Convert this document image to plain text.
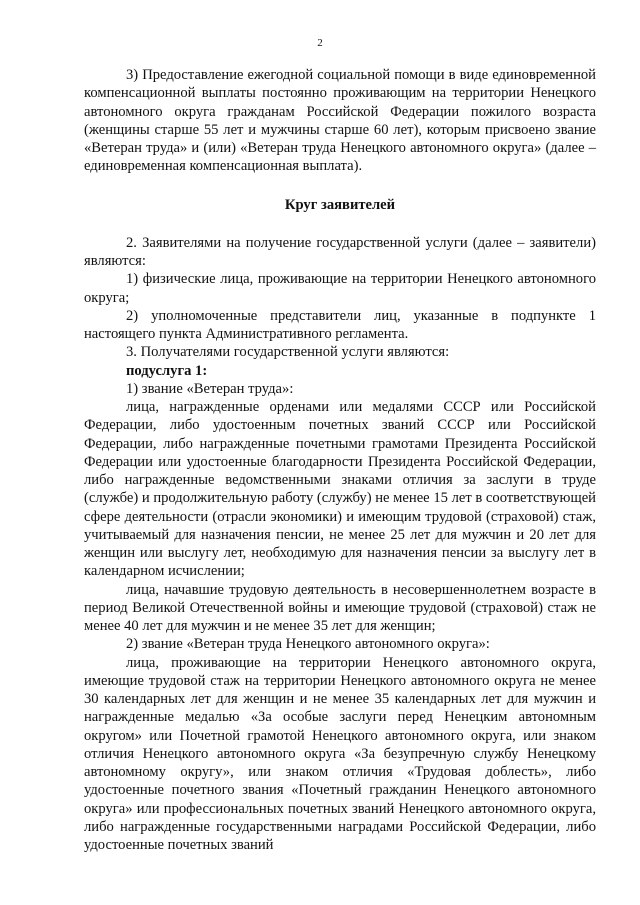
2

3) Предоставление ежегодной социальной помощи в виде единовременной компенсационной выплаты постоянно проживающим на территории Ненецкого автономного округа гражданам Российской Федерации пожилого возраста (женщины старше 55 лет и мужчины старше 60 лет), которым присвоено звание «Ветеран труда» и (или) «Ветеран труда Ненецкого автономного округа» (далее – единовременная компенсационная выплата).

Круг заявителей

2. Заявителями на получение государственной услуги (далее – заявители) являются:

1) физические лица, проживающие на территории Ненецкого автономного округа;

2) уполномоченные представители лиц, указанные в подпункте 1 настоящего пункта Административного регламента.

3. Получателями государственной услуги являются:

подуслуга 1:

1) звание «Ветеран труда»:

лица, награжденные орденами или медалями СССР или Российской Федерации, либо удостоенным почетных званий СССР или Российской Федерации, либо награжденные почетными грамотами Президента Российской Федерации или удостоенные благодарности Президента Российской Федерации, либо награжденные ведомственными знаками отличия за заслуги в труде (службе) и продолжительную работу (службу) не менее 15 лет в соответствующей сфере деятельности (отрасли экономики) и имеющим трудовой (страховой) стаж, учитываемый для назначения пенсии, не менее 25 лет для мужчин и 20 лет для женщин или выслугу лет, необходимую для назначения пенсии за выслугу лет в календарном исчислении;

лица, начавшие трудовую деятельность в несовершеннолетнем возрасте в период Великой Отечественной войны и имеющие трудовой (страховой) стаж не менее 40 лет для мужчин и не менее 35 лет для женщин;

2) звание «Ветеран труда Ненецкого автономного округа»:

лица, проживающие на территории Ненецкого автономного округа, имеющие трудовой стаж на территории Ненецкого автономного округа не менее 30 календарных лет для женщин и не менее 35 календарных лет для мужчин и награжденные медалью «За особые заслуги перед Ненецким автономным округом» или Почетной грамотой Ненецкого автономного округа, или знаком отличия Ненецкого автономного округа «За безупречную службу Ненецкому автономному округу», или знаком отличия «Трудовая доблесть», либо удостоенные почетного звания «Почетный гражданин Ненецкого автономного округа» или профессиональных почетных званий Ненецкого автономного округа, либо награжденные государственными наградами Российской Федерации, либо удостоенные почетных званий
